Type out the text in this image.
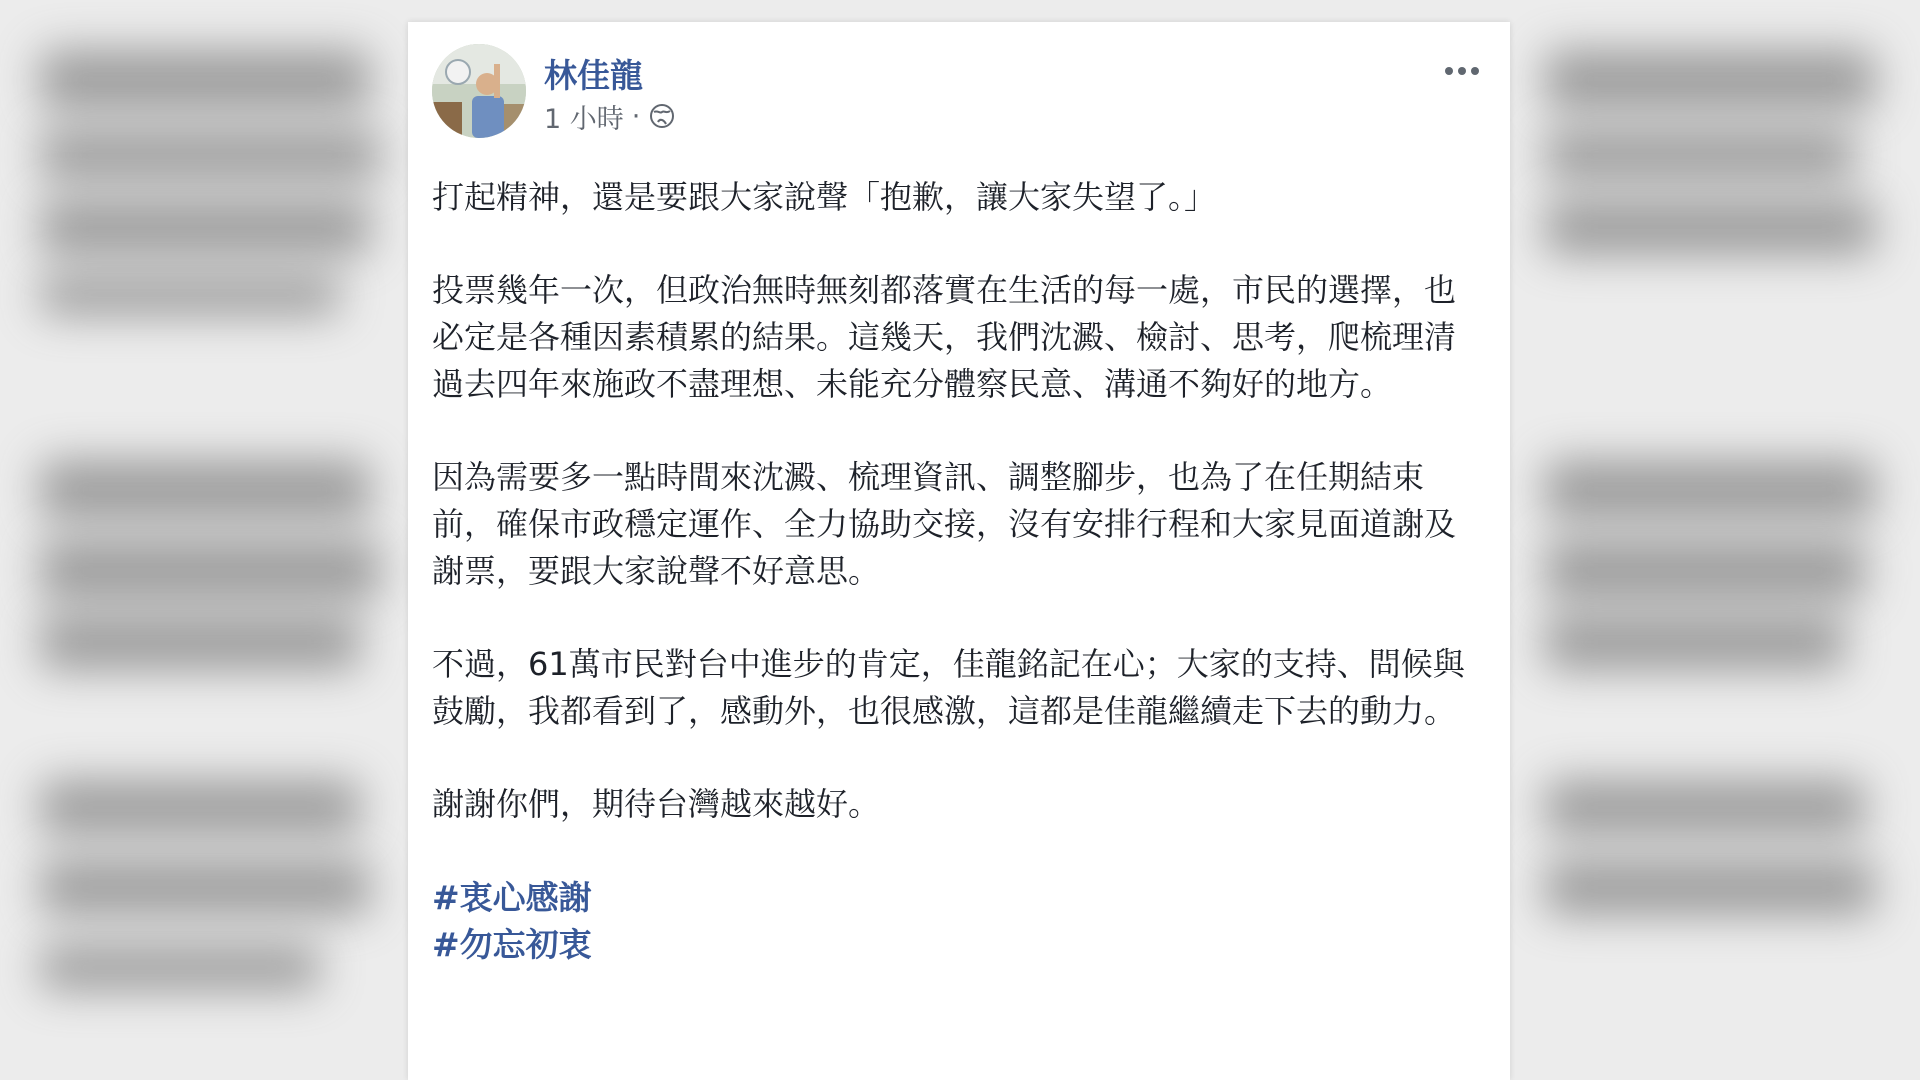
林佳龍
1 小時 ·

打起精神，還是要跟大家說聲「抱歉，讓大家失望了。」

投票幾年一次，但政治無時無刻都落實在生活的每一處，市民的選擇，也必定是各種因素積累的結果。這幾天，我們沈澱、檢討、思考，爬梳理清過去四年來施政不盡理想、未能充分體察民意、溝通不夠好的地方。

因為需要多一點時間來沈澱、梳理資訊、調整腳步，也為了在任期結束前，確保市政穩定運作、全力協助交接，沒有安排行程和大家見面道謝及謝票，要跟大家說聲不好意思。

不過，61萬市民對台中進步的肯定，佳龍銘記在心；大家的支持、問候與鼓勵，我都看到了，感動外，也很感激，這都是佳龍繼續走下去的動力。

謝謝你們，期待台灣越來越好。

#衷心感謝
#勿忘初衷
